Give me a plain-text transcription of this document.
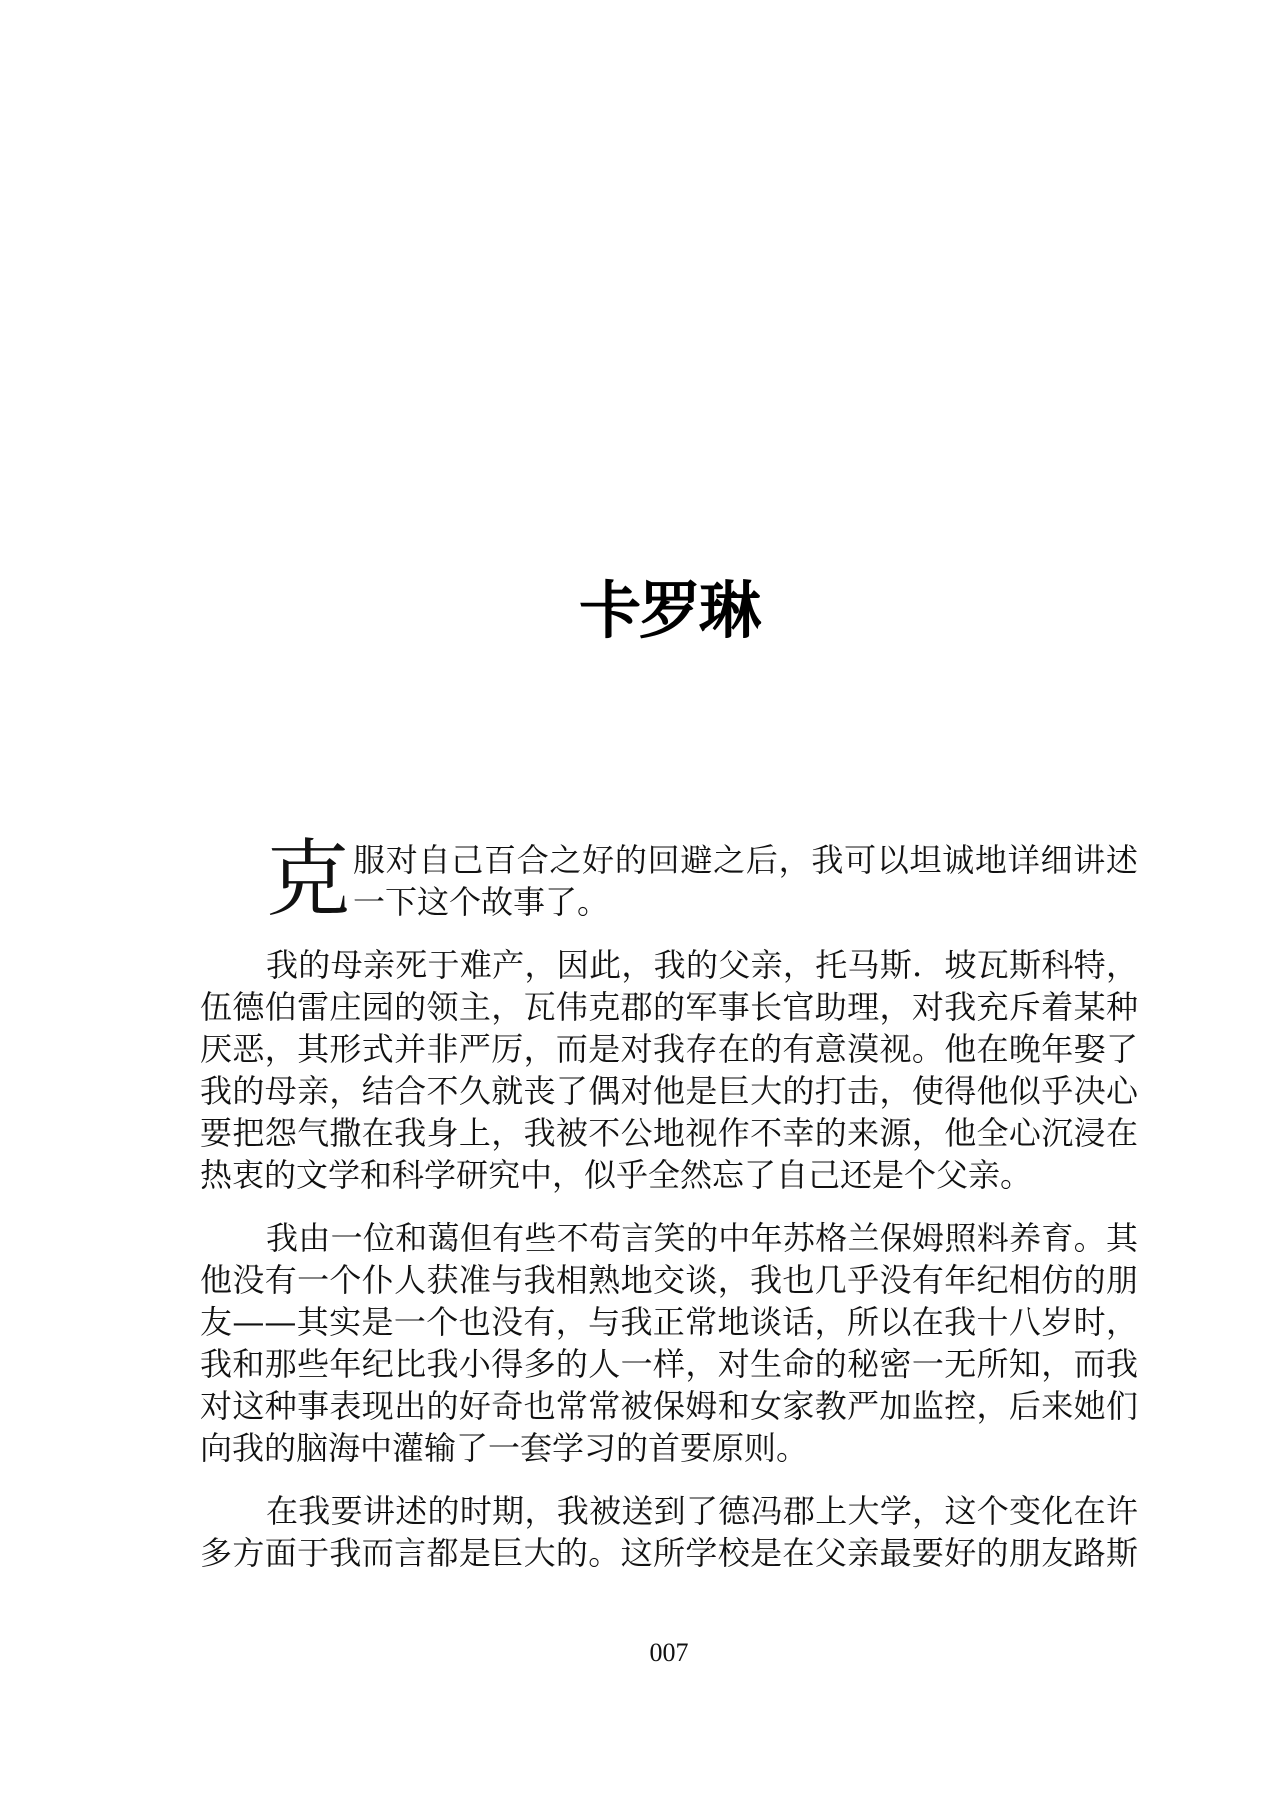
卡罗琳
克 服对自己百合之好的回避之后，我可以坦诚地详细讲述
一下这个故事了。
我的母亲死于难产，因此，我的父亲，托马斯．坡瓦斯科特，
伍德伯雷庄园的领主，瓦伟克郡的军事长官助理，对我充斥着某种
厌恶，其形式并非严厉，而是对我存在的有意漠视。他在晚年娶了
我的母亲，结合不久就丧了偶对他是巨大的打击，使得他似乎决心
要把怨气撒在我身上，我被不公地视作不幸的来源，他全心沉浸在
热衷的文学和科学研究中，似乎全然忘了自己还是个父亲。
我由一位和蔼但有些不苟言笑的中年苏格兰保姆照料养育。其
他没有一个仆人获准与我相熟地交谈，我也几乎没有年纪相仿的朋
友——其实是一个也没有，与我正常地谈话，所以在我十八岁时，
我和那些年纪比我小得多的人一样，对生命的秘密一无所知，而我
对这种事表现出的好奇也常常被保姆和女家教严加监控，后来她们
向我的脑海中灌输了一套学习的首要原则。
在我要讲述的时期，我被送到了德冯郡上大学，这个变化在许
多方面于我而言都是巨大的。这所学校是在父亲最要好的朋友路斯
007
